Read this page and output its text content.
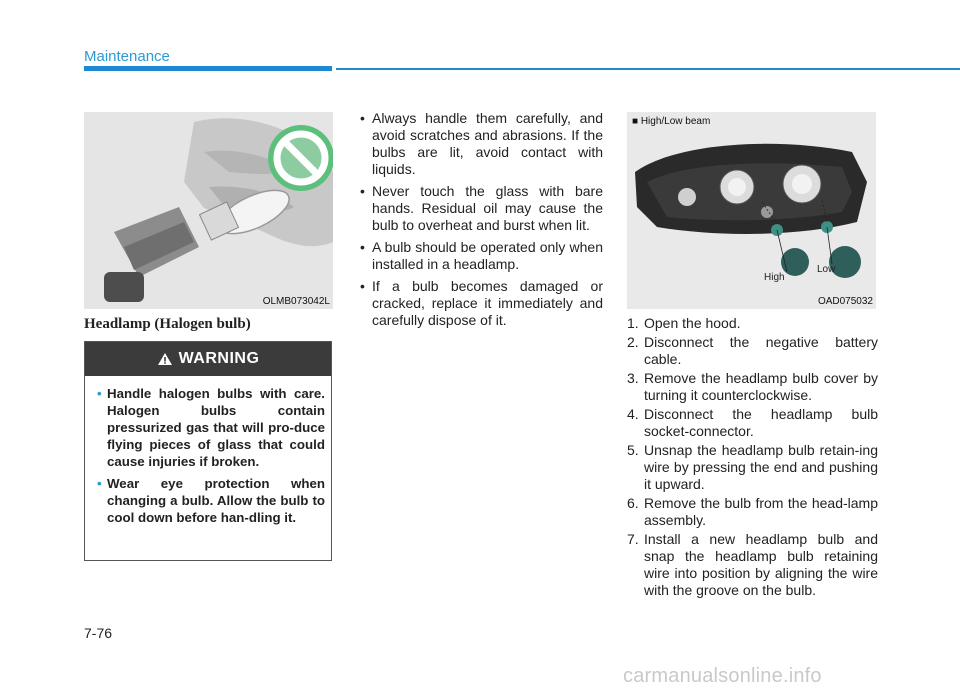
Maintenance
OLMB073042L
Headlamp (Halogen bulb)
WARNING
• Handle halogen bulbs with care. Halogen bulbs contain pressurized gas that will pro-duce flying pieces of glass that could cause injuries if broken.
• Wear eye protection when changing a bulb. Allow the bulb to cool down before han-dling it.
• Always handle them carefully, and avoid scratches and abrasions. If the bulbs are lit, avoid contact with liquids.
• Never touch the glass with bare hands. Residual oil may cause the bulb to overheat and burst when lit.
• A bulb should be operated only when installed in a headlamp.
• If a bulb becomes damaged or cracked, replace it immediately and carefully dispose of it.
■ High/Low beam
High
Low
OAD075032
1. Open the hood.
2. Disconnect the negative battery cable.
3. Remove the headlamp bulb cover by turning it counterclockwise.
4. Disconnect the headlamp bulb socket-connector.
5. Unsnap the headlamp bulb retain-ing wire by pressing the end and pushing it upward.
6. Remove the bulb from the head-lamp assembly.
7. Install a new headlamp bulb and snap the headlamp bulb retaining wire into position by aligning the wire with the groove on the bulb.
7-76
carmanualsonline.info
